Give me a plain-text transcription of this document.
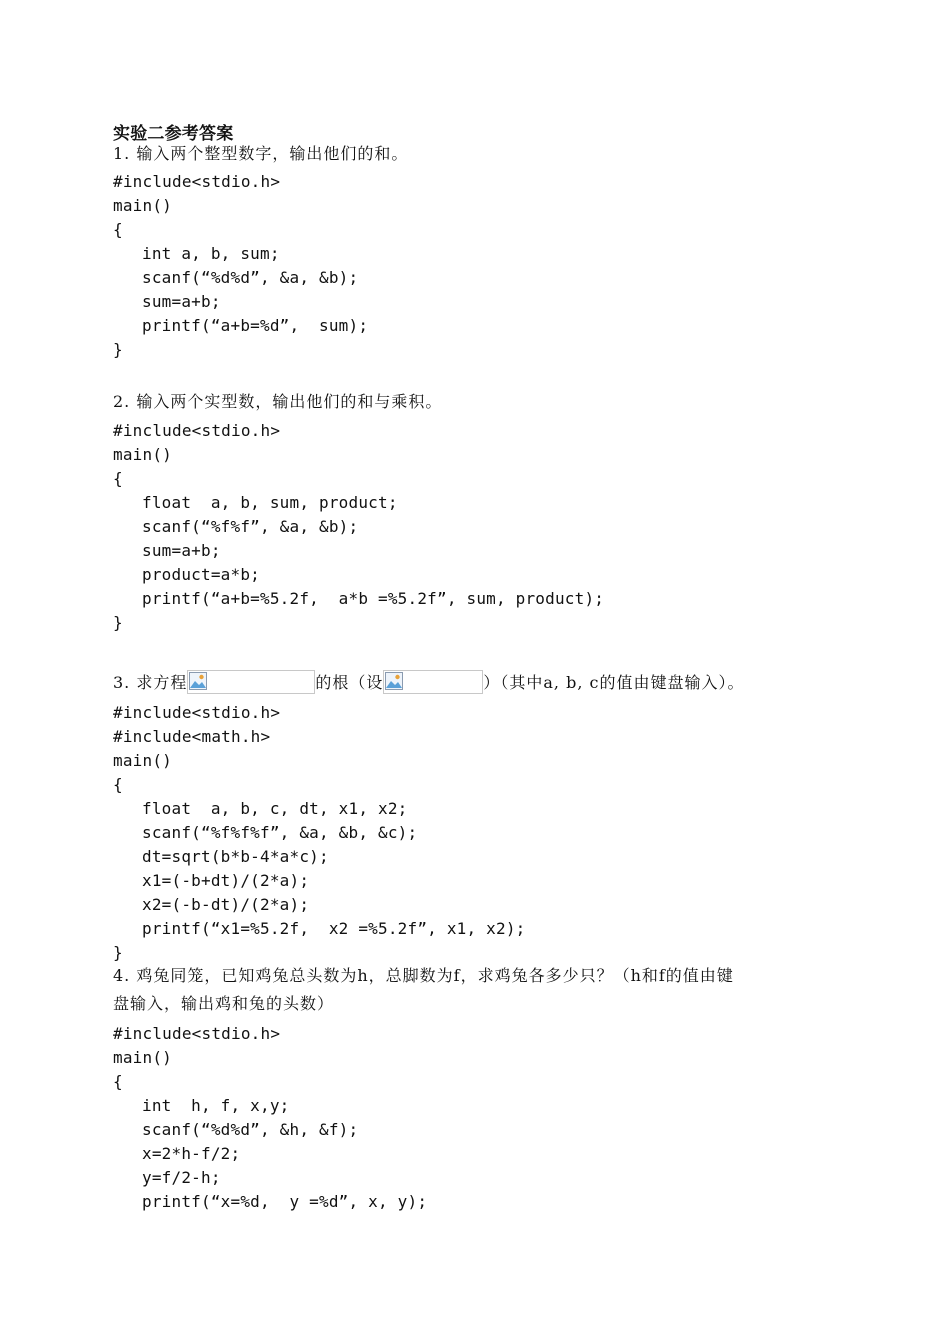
实验二参考答案
1. 输入两个整型数字，输出他们的和。
#include<stdio.h>
main()
{
int a, b, sum;
scanf(“%d%d”, &a, &b);
sum=a+b;
printf(“a+b=%d”,  sum);
}
2. 输入两个实型数，输出他们的和与乘积。
#include<stdio.h>
main()
{
float  a, b, sum, product;
scanf(“%f%f”, &a, &b);
sum=a+b;
product=a*b;
printf(“a+b=%5.2f,  a*b =%5.2f”, sum, product);
}
3. 求方程	的根（设	）（其中a, b, c的值由键盘输入）。
#include<stdio.h>
#include<math.h>
main()
{
float  a, b, c, dt, x1, x2;
scanf(“%f%f%f”, &a, &b, &c);
dt=sqrt(b*b-4*a*c);
x1=(-b+dt)/(2*a);
x2=(-b-dt)/(2*a);
printf(“x1=%5.2f,  x2 =%5.2f”, x1, x2);
}
4. 鸡兔同笼，已知鸡兔总头数为h，总脚数为f，求鸡兔各多少只？（h和f的值由键
盘输入，输出鸡和兔的头数）
#include<stdio.h>
main()
{
int  h, f, x,y;
scanf(“%d%d”, &h, &f);
x=2*h-f/2;
y=f/2-h;
printf(“x=%d,  y =%d”, x, y);
